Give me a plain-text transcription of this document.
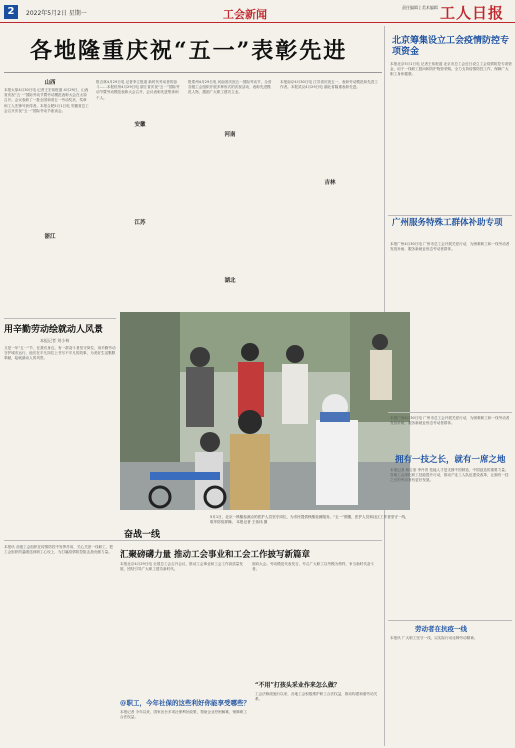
2	2022年5月2日 星期一	工会新闻
责任编辑 | 美术编辑 工人日报
各地隆重庆祝“五一”表彰先进
山西
本报太原4月30日电 记者王宏伟报道 4月29日，山西省庆祝“五一”国际劳动节暨劳动模范表彰大会在太原召开。会议表彰了一批全国和省五一劳动奖状、奖章和工人先锋号获得者。本报合肥5月1日电 安徽省总工会召开庆祝“五一”国际劳动节座谈会。
浙江
报吉林4月29日电 记者李立报道 新时代劳动者的奋斗……本报杭州4月29日电 浙江省庆祝“五一”国际劳动节暨劳动模范表彰大会召开，会议表彰先进集体和个人。
安徽
江苏
报郑州4月29日电 河南省庆祝五一国际劳动节，全省各级工会组织开展多种形式的庆祝活动，表彰先进模范人物，激励广大职工建功立业。
河南
湖北
本报南京4月30日电 江苏省庆祝五一，表彰劳动模范和先进工作者。本报武汉4月29日电 湖北省隆重表彰先进。
吉林
北京筹集设立工会疫情防控专项资金
本报北京5月1日电 记者王伟报道 北京市总工会近日设立工会疫情防控专项资金，用于一线职工慰问和防护物资采购，全力支持疫情防控工作，保障广大职工身体健康。
广州服务特殊工群体补助专项
本报广州4月30日电 广州市总工会开展关爱行动，为困难职工和一线劳动者发放补助，服务新就业形态劳动者群体。
用辛勤劳动绘就动人风景
本报记者 刘小林
又是一年“五一”节，在我们身边，有一群奋斗者坚守岗位，用辛勤劳动守护城市运行，他们在平凡岗位上书写不平凡的故事，为美好生活默默奉献，绘就最动人的风景。
奋战一线
5月1日，北京一核酸检测点的医护人员坚守岗位，为市民提供核酸检测服务。“五一”假期，医护人员和社区工作者坚守一线，筑牢防疫屏障。 本报记者 王伟伟 摄
本报广州4月30日电 广州市总工会开展关爱行动，为困难职工和一线劳动者发放补助，服务新就业形态劳动者群体。
拥有一技之长，就有一席之地
本报记者 杨召奎 李丹青 技能人才是支撑中国制造、中国创造的重要力量。各地工会深化职工技能提升行动，推动产业工人队伍建设改革，让拥有一技之长的劳动者有更好发展。
劳动者在抗疫一线
本报讯 广大职工坚守一线，以实际行动诠释劳动精神。
本报讯 各级工会组织在疫情防控中发挥作用，关心关爱一线职工，把工会组织的温暖送到职工心坎上，为打赢疫情防控阻击战贡献力量。 汇聚磅礴力量 推动工会事业和工会工作披写新篇章
本报北京4月29日电 全国总工会召开会议，推动工会事业和工会工作高质量发展，团结引导广大职工建功新时代。
面向大会。劳动模范代表发言，号召广大职工以劳模为榜样，争当新时代奋斗者。
@职工，今年社保的这些利好你能享受哪些？
本报记者 今年以来，国家出台多项社保利好政策，帮助企业纾困解难，保障职工合法权益。
“不用”打孩头采业作来怎么做？
工会法修改施行以来，各地工会积极维护职工合法权益，推动构建和谐劳动关系。
